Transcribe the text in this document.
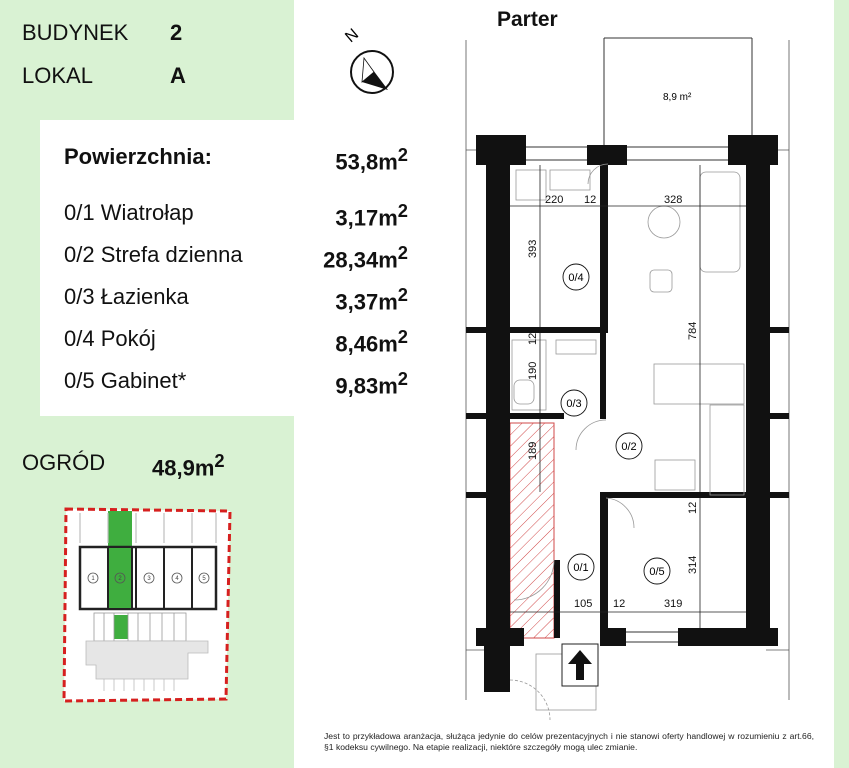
BUDYNEK 2
LOKAL	A
Powierzchnia:	$53,8m^2$
0/1 Wiatrołap	$3,17m^2$
0/2 Strefa dzienna	$28,34m^2$
0/3 Łazienka	$3,37m^2$
0/4 Pokój	$8,46m^2$
0/5 Gabinet*	$9,83m^2$
OGRÓD $48,9m^2$
1	2	3	4	5
Parter
N
8,9 m²
220 12	328
393
784
12
190
189
12
314
105 12	319
0/4
0/3
0/2
0/1	0/5
Jest to przykładowa aranżacja, służąca jedynie do celów prezentacyjnych i nie stanowi oferty handlowej w rozumieniu z art.66, §1 kodeksu cywilnego. Na etapie realizacji, niektóre szczegóły mogą ulec zmianie.
